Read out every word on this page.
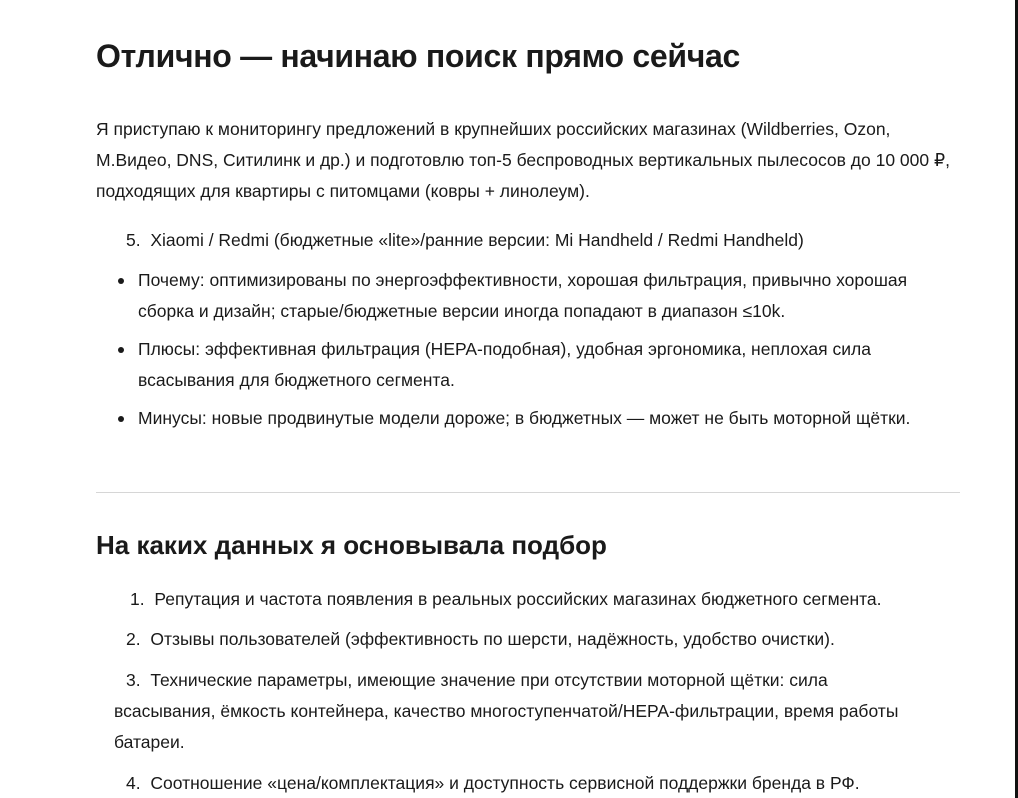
Отлично — начинаю поиск прямо сейчас

Я приступаю к мониторингу предложений в крупнейших российских магазинах (Wildberries, Ozon, М.Видео, DNS, Ситилинк и др.) и подготовлю топ-5 беспроводных вертикальных пылесосов до 10 000 ₽, подходящих для квартиры с питомцами (ковры + линолеум).

5. Xiaomi / Redmi (бюджетные «lite»/ранние версии: Mi Handheld / Redmi Handheld)

Почему: оптимизированы по энергоэффективности, хорошая фильтрация, привычно хорошая сборка и дизайн; старые/бюджетные версии иногда попадают в диапазон ≤10k.
Плюсы: эффективная фильтрация (HEPA-подобная), удобная эргономика, неплохая сила всасывания для бюджетного сегмента.
Минусы: новые продвинутые модели дороже; в бюджетных — может не быть моторной щётки.
На каких данных я основывала подбор

1. Репутация и частота появления в реальных российских магазинах бюджетного сегмента.

2. Отзывы пользователей (эффективность по шерсти, надёжность, удобство очистки).

3. Технические параметры, имеющие значение при отсутствии моторной щётки: сила всасывания, ёмкость контейнера, качество многоступенчатой/HEPA-фильтрации, время работы батареи.

4. Соотношение «цена/комплектация» и доступность сервисной поддержки бренда в РФ.
